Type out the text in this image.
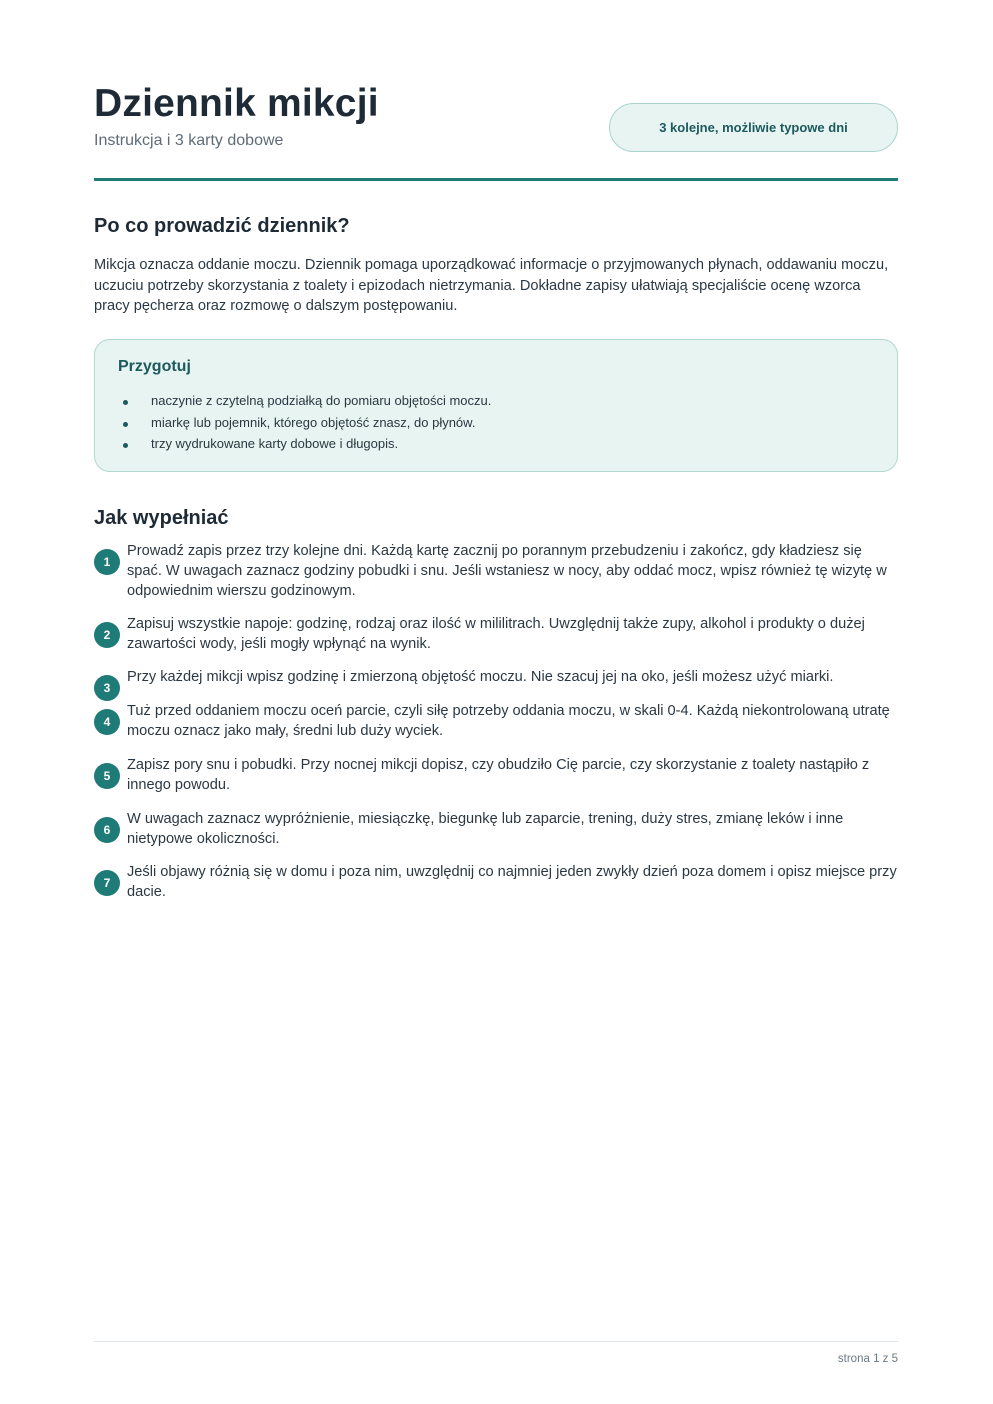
Dziennik mikcji
Instrukcja i 3 karty dobowe
3 kolejne, możliwie typowe dni
Po co prowadzić dziennik?

Mikcja oznacza oddanie moczu. Dziennik pomaga uporządkować informacje o przyjmowanych płynach, oddawaniu moczu, uczuciu potrzeby skorzystania z toalety i epizodach nietrzymania. Dokładne zapisy ułatwiają specjaliście ocenę wzorca pracy pęcherza oraz rozmowę o dalszym postępowaniu.

Przygotuj
naczynie z czytelną podziałką do pomiaru objętości moczu.
miarkę lub pojemnik, którego objętość znasz, do płynów.
trzy wydrukowane karty dobowe i długopis.
Jak wypełniać
1

Prowadź zapis przez trzy kolejne dni. Każdą kartę zacznij po porannym przebudzeniu i zakończ, gdy kładziesz się spać. W uwagach zaznacz godziny pobudki i snu. Jeśli wstaniesz w nocy, aby oddać mocz, wpisz również tę wizytę w odpowiednim wierszu godzinowym.

2

Zapisuj wszystkie napoje: godzinę, rodzaj oraz ilość w mililitrach. Uwzględnij także zupy, alkohol i produkty o dużej zawartości wody, jeśli mogły wpłynąć na wynik.

3

Przy każdej mikcji wpisz godzinę i zmierzoną objętość moczu. Nie szacuj jej na oko, jeśli możesz użyć miarki.

4

Tuż przed oddaniem moczu oceń parcie, czyli siłę potrzeby oddania moczu, w skali 0-4. Każdą niekontrolowaną utratę moczu oznacz jako mały, średni lub duży wyciek.

5

Zapisz pory snu i pobudki. Przy nocnej mikcji dopisz, czy obudziło Cię parcie, czy skorzystanie z toalety nastąpiło z innego powodu.

6

W uwagach zaznacz wypróżnienie, miesiączkę, biegunkę lub zaparcie, trening, duży stres, zmianę leków i inne nietypowe okoliczności.

7

Jeśli objawy różnią się w domu i poza nim, uwzględnij co najmniej jeden zwykły dzień poza domem i opisz miejsce przy dacie.

strona 1 z 5
